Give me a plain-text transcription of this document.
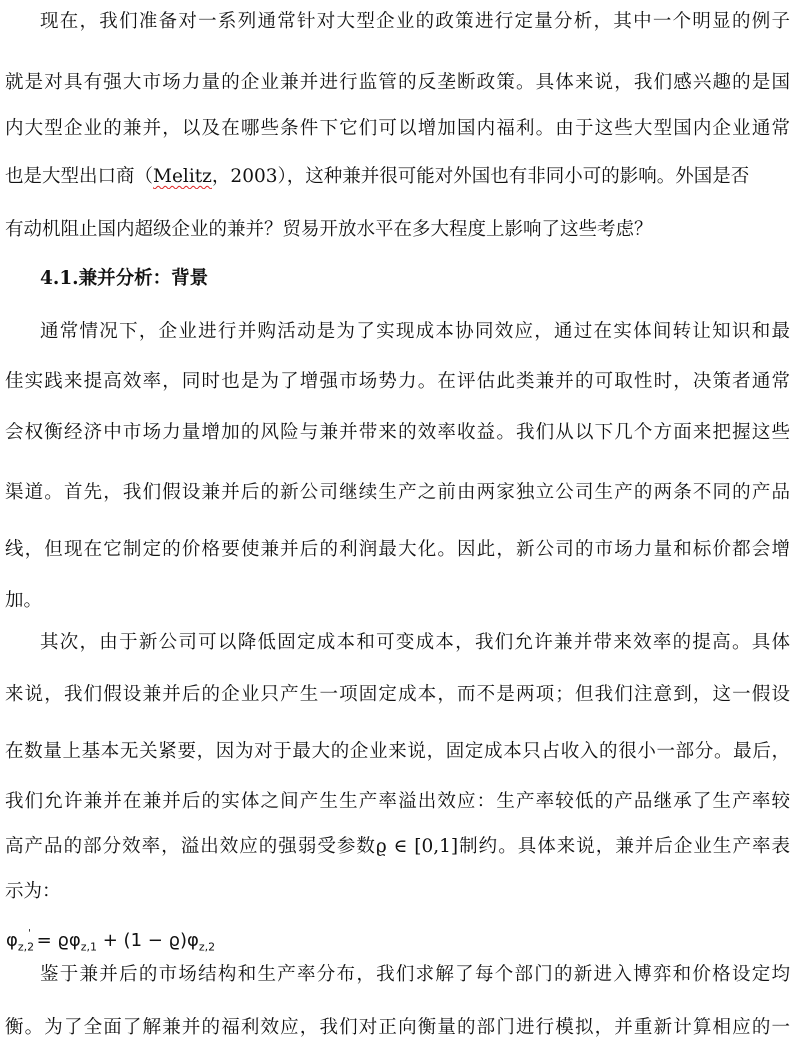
现在，我们准备对一系列通常针对大型企业的政策进行定量分析，其中一个明显的例子
就是对具有强大市场力量的企业兼并进行监管的反垄断政策。具体来说，我们感兴趣的是国
内大型企业的兼并，以及在哪些条件下它们可以增加国内福利。由于这些大型国内企业通常
也是大型出口商（Melitz，2003），这种兼并很可能对外国也有非同小可的影响。外国是否
有动机阻止国内超级企业的兼并？贸易开放水平在多大程度上影响了这些考虑？
4.1.兼并分析：背景
通常情况下，企业进行并购活动是为了实现成本协同效应，通过在实体间转让知识和最
佳实践来提高效率，同时也是为了增强市场势力。在评估此类兼并的可取性时，决策者通常
会权衡经济中市场力量增加的风险与兼并带来的效率收益。我们从以下几个方面来把握这些
渠道。首先，我们假设兼并后的新公司继续生产之前由两家独立公司生产的两条不同的产品
线，但现在它制定的价格要使兼并后的利润最大化。因此，新公司的市场力量和标价都会增
加。
其次，由于新公司可以降低固定成本和可变成本，我们允许兼并带来效率的提高。具体
来说，我们假设兼并后的企业只产生一项固定成本，而不是两项；但我们注意到，这一假设
在数量上基本无关紧要，因为对于最大的企业来说，固定成本只占收入的很小一部分。最后，
我们允许兼并在兼并后的实体之间产生生产率溢出效应：生产率较低的产品继承了生产率较
高产品的部分效率，溢出效应的强弱受参数ϱ ∈ [0,1]制约。具体来说，兼并后企业生产率表
示为：
$\varphi_{z,2}' = ϱ\varphi_{z,1} + (1 - ϱ)\varphi_{z,2}$
鉴于兼并后的市场结构和生产率分布，我们求解了每个部门的新进入博弈和价格设定均
衡。为了全面了解兼并的福利效应，我们对正向衡量的部门进行模拟，并重新计算相应的一
